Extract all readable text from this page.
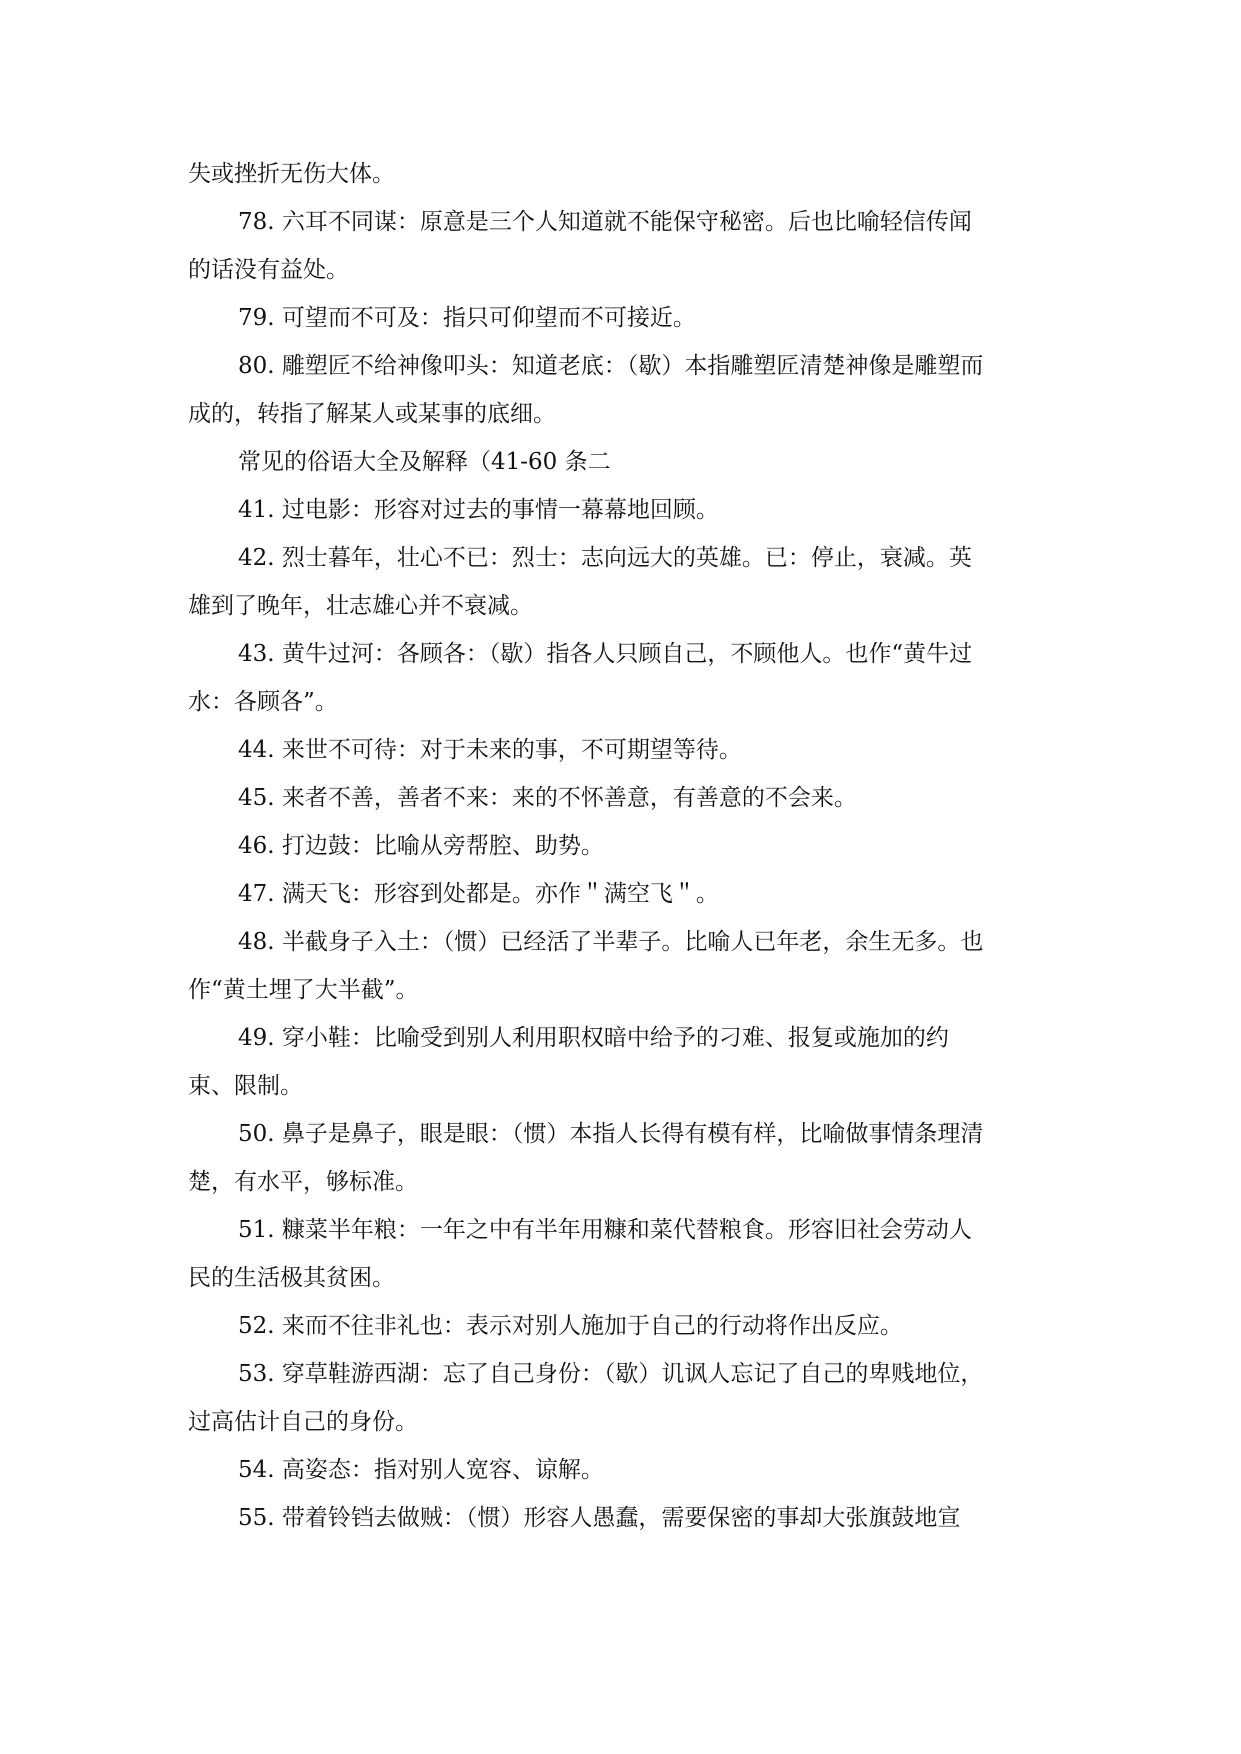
失或挫折无伤大体。
78. 六耳不同谋：原意是三个人知道就不能保守秘密。后也比喻轻信传闻
的话没有益处。
79. 可望而不可及：指只可仰望而不可接近。
80. 雕塑匠不给神像叩头：知道老底：（歇）本指雕塑匠清楚神像是雕塑而
成的，转指了解某人或某事的底细。
常见的俗语大全及解释（41-60 条二
41. 过电影：形容对过去的事情一幕幕地回顾。
42. 烈士暮年，壮心不已：烈士：志向远大的英雄。已：停止，衰减。英
雄到了晚年，壮志雄心并不衰减。
43. 黄牛过河：各顾各：（歇）指各人只顾自己，不顾他人。也作“黄牛过
水：各顾各”。
44. 来世不可待：对于未来的事，不可期望等待。
45. 来者不善，善者不来：来的不怀善意，有善意的不会来。
46. 打边鼓：比喻从旁帮腔、助势。
47. 满天飞：形容到处都是。亦作＂满空飞＂。
48. 半截身子入土：（惯）已经活了半辈子。比喻人已年老，余生无多。也
作“黄土埋了大半截”。
49. 穿小鞋：比喻受到别人利用职权暗中给予的刁难、报复或施加的约
束、限制。
50. 鼻子是鼻子，眼是眼：（惯）本指人长得有模有样，比喻做事情条理清
楚，有水平，够标准。
51. 糠菜半年粮：一年之中有半年用糠和菜代替粮食。形容旧社会劳动人
民的生活极其贫困。
52. 来而不往非礼也：表示对别人施加于自己的行动将作出反应。
53. 穿草鞋游西湖：忘了自己身份：（歇）讥讽人忘记了自己的卑贱地位，
过高估计自己的身份。
54. 高姿态：指对别人宽容、谅解。
55. 带着铃铛去做贼：（惯）形容人愚蠢，需要保密的事却大张旗鼓地宣
